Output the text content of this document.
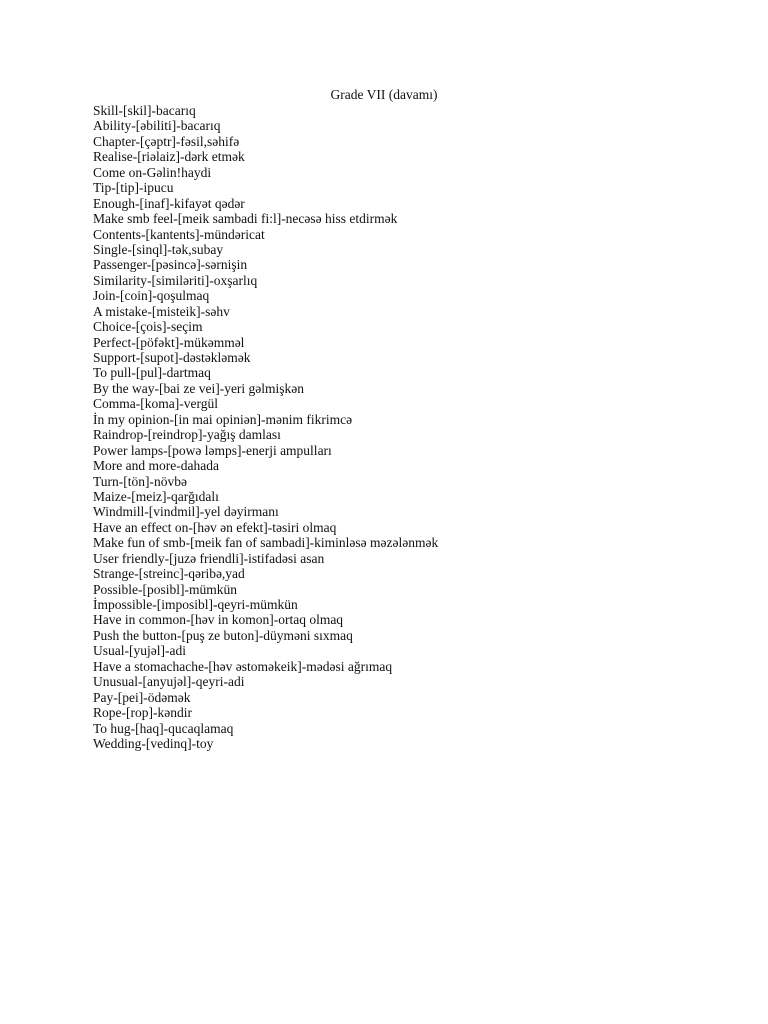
Grade VII (davamı)
Skill-[skil]-bacarıq
Ability-[əbiliti]-bacarıq
Chapter-[çəptr]-fəsil,səhifə
Realise-[riəlaiz]-dərk etmək
Come on-Gəlin!haydi
Tip-[tip]-ipucu
Enough-[inaf]-kifayət qədər
Make smb feel-[meik sambadi fi:l]-necəsə hiss etdirmək
Contents-[kantents]-mündəricat
Single-[sinql]-tək,subay
Passenger-[pəsincə]-sərnişin
Similarity-[similəriti]-oxşarlıq
Join-[coin]-qoşulmaq
A mistake-[misteik]-səhv
Choice-[çois]-seçim
Perfect-[pöfəkt]-mükəmməl
Support-[supot]-dəstəkləmək
To pull-[pul]-dartmaq
By the way-[bai ze vei]-yeri gəlmişkən
Comma-[koma]-vergül
İn my opinion-[in mai opiniən]-mənim fikrimcə
Raindrop-[reindrop]-yağış damlası
Power lamps-[powə ləmps]-enerji ampulları
More and more-dahada
Turn-[tön]-növbə
Maize-[meiz]-qarğıdalı
Windmill-[vindmil]-yel dəyirmanı
Have an effect on-[həv ən efekt]-təsiri olmaq
Make fun of smb-[meik fan of sambadi]-kiminləsə məzələnmək
User friendly-[juzə friendli]-istifadəsi asan
Strange-[streinc]-qəribə,yad
Possible-[posibl]-mümkün
İmpossible-[imposibl]-qeyri-mümkün
Have in common-[həv in komon]-ortaq olmaq
Push the button-[puş ze buton]-düyməni sıxmaq
Usual-[yujəl]-adi
Have a stomachache-[həv əstoməkeik]-mədəsi ağrımaq
Unusual-[anyujəl]-qeyri-adi
Pay-[pei]-ödəmək
Rope-[rop]-kəndir
To hug-[haq]-qucaqlamaq
Wedding-[vedinq]-toy
